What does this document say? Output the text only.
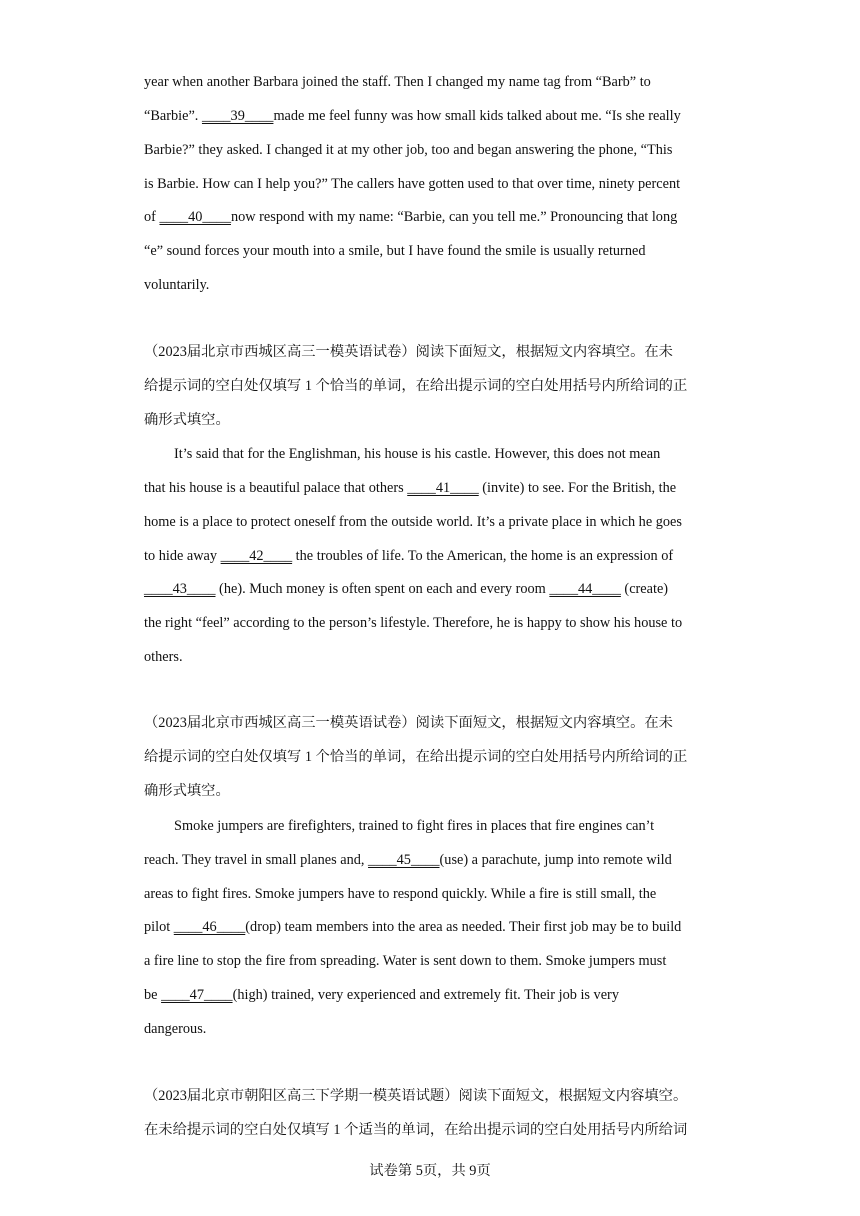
year when another Barbara joined the staff. Then I changed my name tag from “Barb” to
“Barbie”. ____39____made me feel funny was how small kids talked about me. “Is she really
Barbie?” they asked. I changed it at my other job, too and began answering the phone, “This
is Barbie. How can I help you?” The callers have gotten used to that over time, ninety percent
of ____40____now respond with my name: “Barbie, can you tell me.” Pronouncing that long
“e” sound forces your mouth into a smile, but I have found the smile is usually returned
voluntarily.
（2023届北京市西城区高三一模英语试卷）阅读下面短文，根据短文内容填空。在未
给提示词的空白处仅填写 1 个恰当的单词，在给出提示词的空白处用括号内所给词的正
确形式填空。
It’s said that for the Englishman, his house is his castle. However, this does not mean
that his house is a beautiful palace that others ____41____ (invite) to see. For the British, the
home is a place to protect oneself from the outside world. It’s a private place in which he goes
to hide away ____42____ the troubles of life. To the American, the home is an expression of
____43____ (he). Much money is often spent on each and every room ____44____ (create)
the right “feel” according to the person’s lifestyle. Therefore, he is happy to show his house to
others.
（2023届北京市西城区高三一模英语试卷）阅读下面短文，根据短文内容填空。在未
给提示词的空白处仅填写 1 个恰当的单词，在给出提示词的空白处用括号内所给词的正
确形式填空。
Smoke jumpers are firefighters, trained to fight fires in places that fire engines can’t
reach. They travel in small planes and, ____45____(use) a parachute, jump into remote wild
areas to fight fires. Smoke jumpers have to respond quickly. While a fire is still small, the
pilot ____46____(drop) team members into the area as needed. Their first job may be to build
a fire line to stop the fire from spreading. Water is sent down to them. Smoke jumpers must
be ____47____(high) trained, very experienced and extremely fit. Their job is very
dangerous.
（2023届北京市朝阳区高三下学期一模英语试题）阅读下面短文，根据短文内容填空。
在未给提示词的空白处仅填写 1 个适当的单词，在给出提示词的空白处用括号内所给词
试卷第 5页，共 9页
